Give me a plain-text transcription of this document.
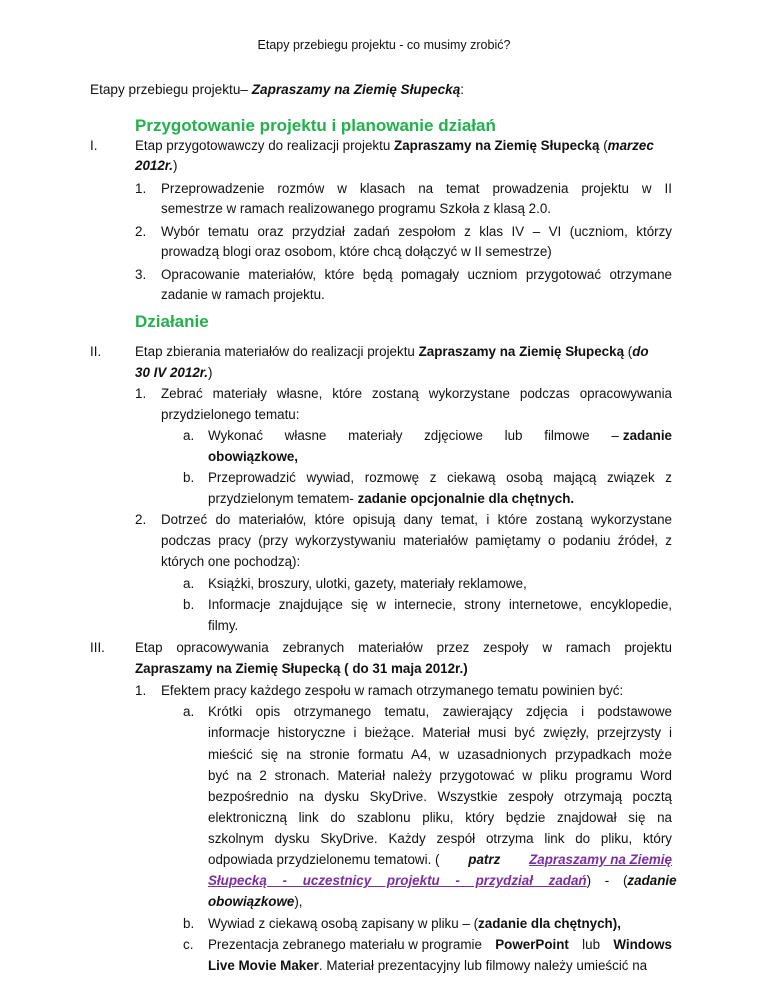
Etapy przebiegu projektu - co musimy zrobić?
Etapy przebiegu projektu– Zapraszamy na Ziemię Słupecką:
Przygotowanie projektu i planowanie działań
I.	Etap przygotowawczy do realizacji projektu Zapraszamy na Ziemię Słupecką (marzec
2012r.)
1.	Przeprowadzenie rozmów w klasach na temat prowadzenia projektu w II
semestrze w ramach realizowanego programu Szkoła z klasą 2.0.
2.	Wybór tematu oraz przydział zadań zespołom z klas IV – VI (uczniom, którzy
prowadzą blogi oraz osobom, które chcą dołączyć w II semestrze)
3.	Opracowanie materiałów, które będą pomagały uczniom przygotować otrzymane
zadanie w ramach projektu.
Działanie
II.	Etap zbierania materiałów do realizacji projektu Zapraszamy na Ziemię Słupecką (do
30 IV 2012r.)
1.	Zebrać materiały własne, które zostaną wykorzystane podczas opracowywania
przydzielonego tematu:
a.	Wykonać własne materiały zdjęciowe lub filmowe – zadanie
obowiązkowe,
b.	Przeprowadzić wywiad, rozmowę z ciekawą osobą mającą związek z
przydzielonym tematem- zadanie opcjonalnie dla chętnych.
2.	Dotrzeć do materiałów, które opisują dany temat, i które zostaną wykorzystane
podczas pracy (przy wykorzystywaniu materiałów pamiętamy o podaniu źródeł, z
których one pochodzą):
a.	Książki, broszury, ulotki, gazety, materiały reklamowe,
b.	Informacje znajdujące się w internecie, strony internetowe, encyklopedie,
filmy.
III.	Etap opracowywania zebranych materiałów przez zespoły w ramach projektu
Zapraszamy na Ziemię Słupecką ( do 31 maja 2012r.)
1.	Efektem pracy każdego zespołu w ramach otrzymanego tematu powinien być:
a.	Krótki opis otrzymanego tematu, zawierający zdjęcia i podstawowe
informacje historyczne i bieżące. Materiał musi być zwięzły, przejrzysty i
mieścić się na stronie formatu A4, w uzasadnionych przypadkach może
być na 2 stronach. Materiał należy przygotować w pliku programu Word
bezpośrednio na dysku SkyDrive. Wszystkie zespoły otrzymają pocztą
elektroniczną link do szablonu pliku, który będzie znajdował się na
szkolnym dysku SkyDrive. Każdy zespół otrzyma link do pliku, który
odpowiada przydzielonemu tematowi. ( patrz Zapraszamy na Ziemię
Słupecką - uczestnicy projektu - przydział zadań ) - ( zadanie
obowiązkowe),
b.	Wywiad z ciekawą osobą zapisany w pliku – (zadanie dla chętnych),
c.	Prezentacja zebranego materiału w programie PowerPoint lub Windows
Live Movie Maker . Materiał prezentacyjny lub filmowy należy umieścić na
